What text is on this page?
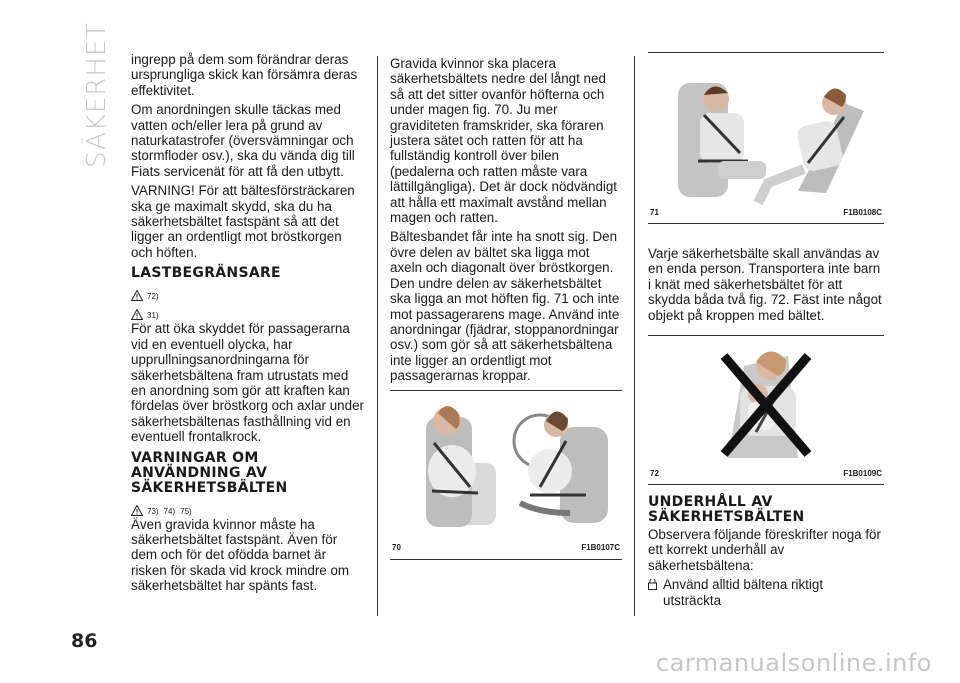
SÄKERHET
86

ingrepp på dem som förändrar deras ursprungliga skick kan försämra deras effektivitet.

Om anordningen skulle täckas med vatten och/eller lera på grund av naturkatastrofer (översvämningar och stormfloder osv.), ska du vända dig till Fiats servicenät för att få den utbytt.

VARNING! För att bältesförsträckaren ska ge maximalt skydd, ska du ha säkerhetsbältet fastspänt så att det ligger an ordentligt mot bröstkorgen och höften.

LASTBEGRÄNSARE
72)
31)

För att öka skyddet för passagerarna vid en eventuell olycka, har upprullningsanordningarna för säkerhetsbältena fram utrustats med en anordning som gör att kraften kan fördelas över bröstkorg och axlar under säkerhetsbältenas fasthållning vid en eventuell frontalkrock.

VARNINGAR OM
ANVÄNDNING AV
SÄKERHETSBÄLTEN
73) 74) 75)

Även gravida kvinnor måste ha säkerhetsbältet fastspänt. Även för dem och för det ofödda barnet är risken för skada vid krock mindre om säkerhetsbältet har spänts fast.

Gravida kvinnor ska placera säkerhetsbältets nedre del långt ned så att det sitter ovanför höfterna och under magen fig. 70. Ju mer graviditeten framskrider, ska föraren justera sätet och ratten för att ha fullständig kontroll över bilen (pedalerna och ratten måste vara lättillgängliga). Det är dock nödvändigt att hålla ett maximalt avstånd mellan magen och ratten.

Bältesbandet får inte ha snott sig. Den övre delen av bältet ska ligga mot axeln och diagonalt över bröstkorgen. Den undre delen av säkerhetsbältet ska ligga an mot höften fig. 71 och inte mot passagerarens mage. Använd inte anordningar (fjädrar, stoppanordningar osv.) som gör så att säkerhetsbältena inte ligger an ordentligt mot passagerarnas kroppar.

70	F1B0107C
71	F1B0108C

Varje säkerhetsbälte skall användas av en enda person. Transportera inte barn i knät med säkerhetsbältet för att skydda båda två fig. 72. Fäst inte något objekt på kroppen med bältet.

72	F1B0109C
UNDERHÅLL AV
SÄKERHETSBÄLTEN

Observera följande föreskrifter noga för ett korrekt underhåll av säkerhetsbältena:

Använd alltid bältena riktigt utsträckta
carmanualsonline.info
